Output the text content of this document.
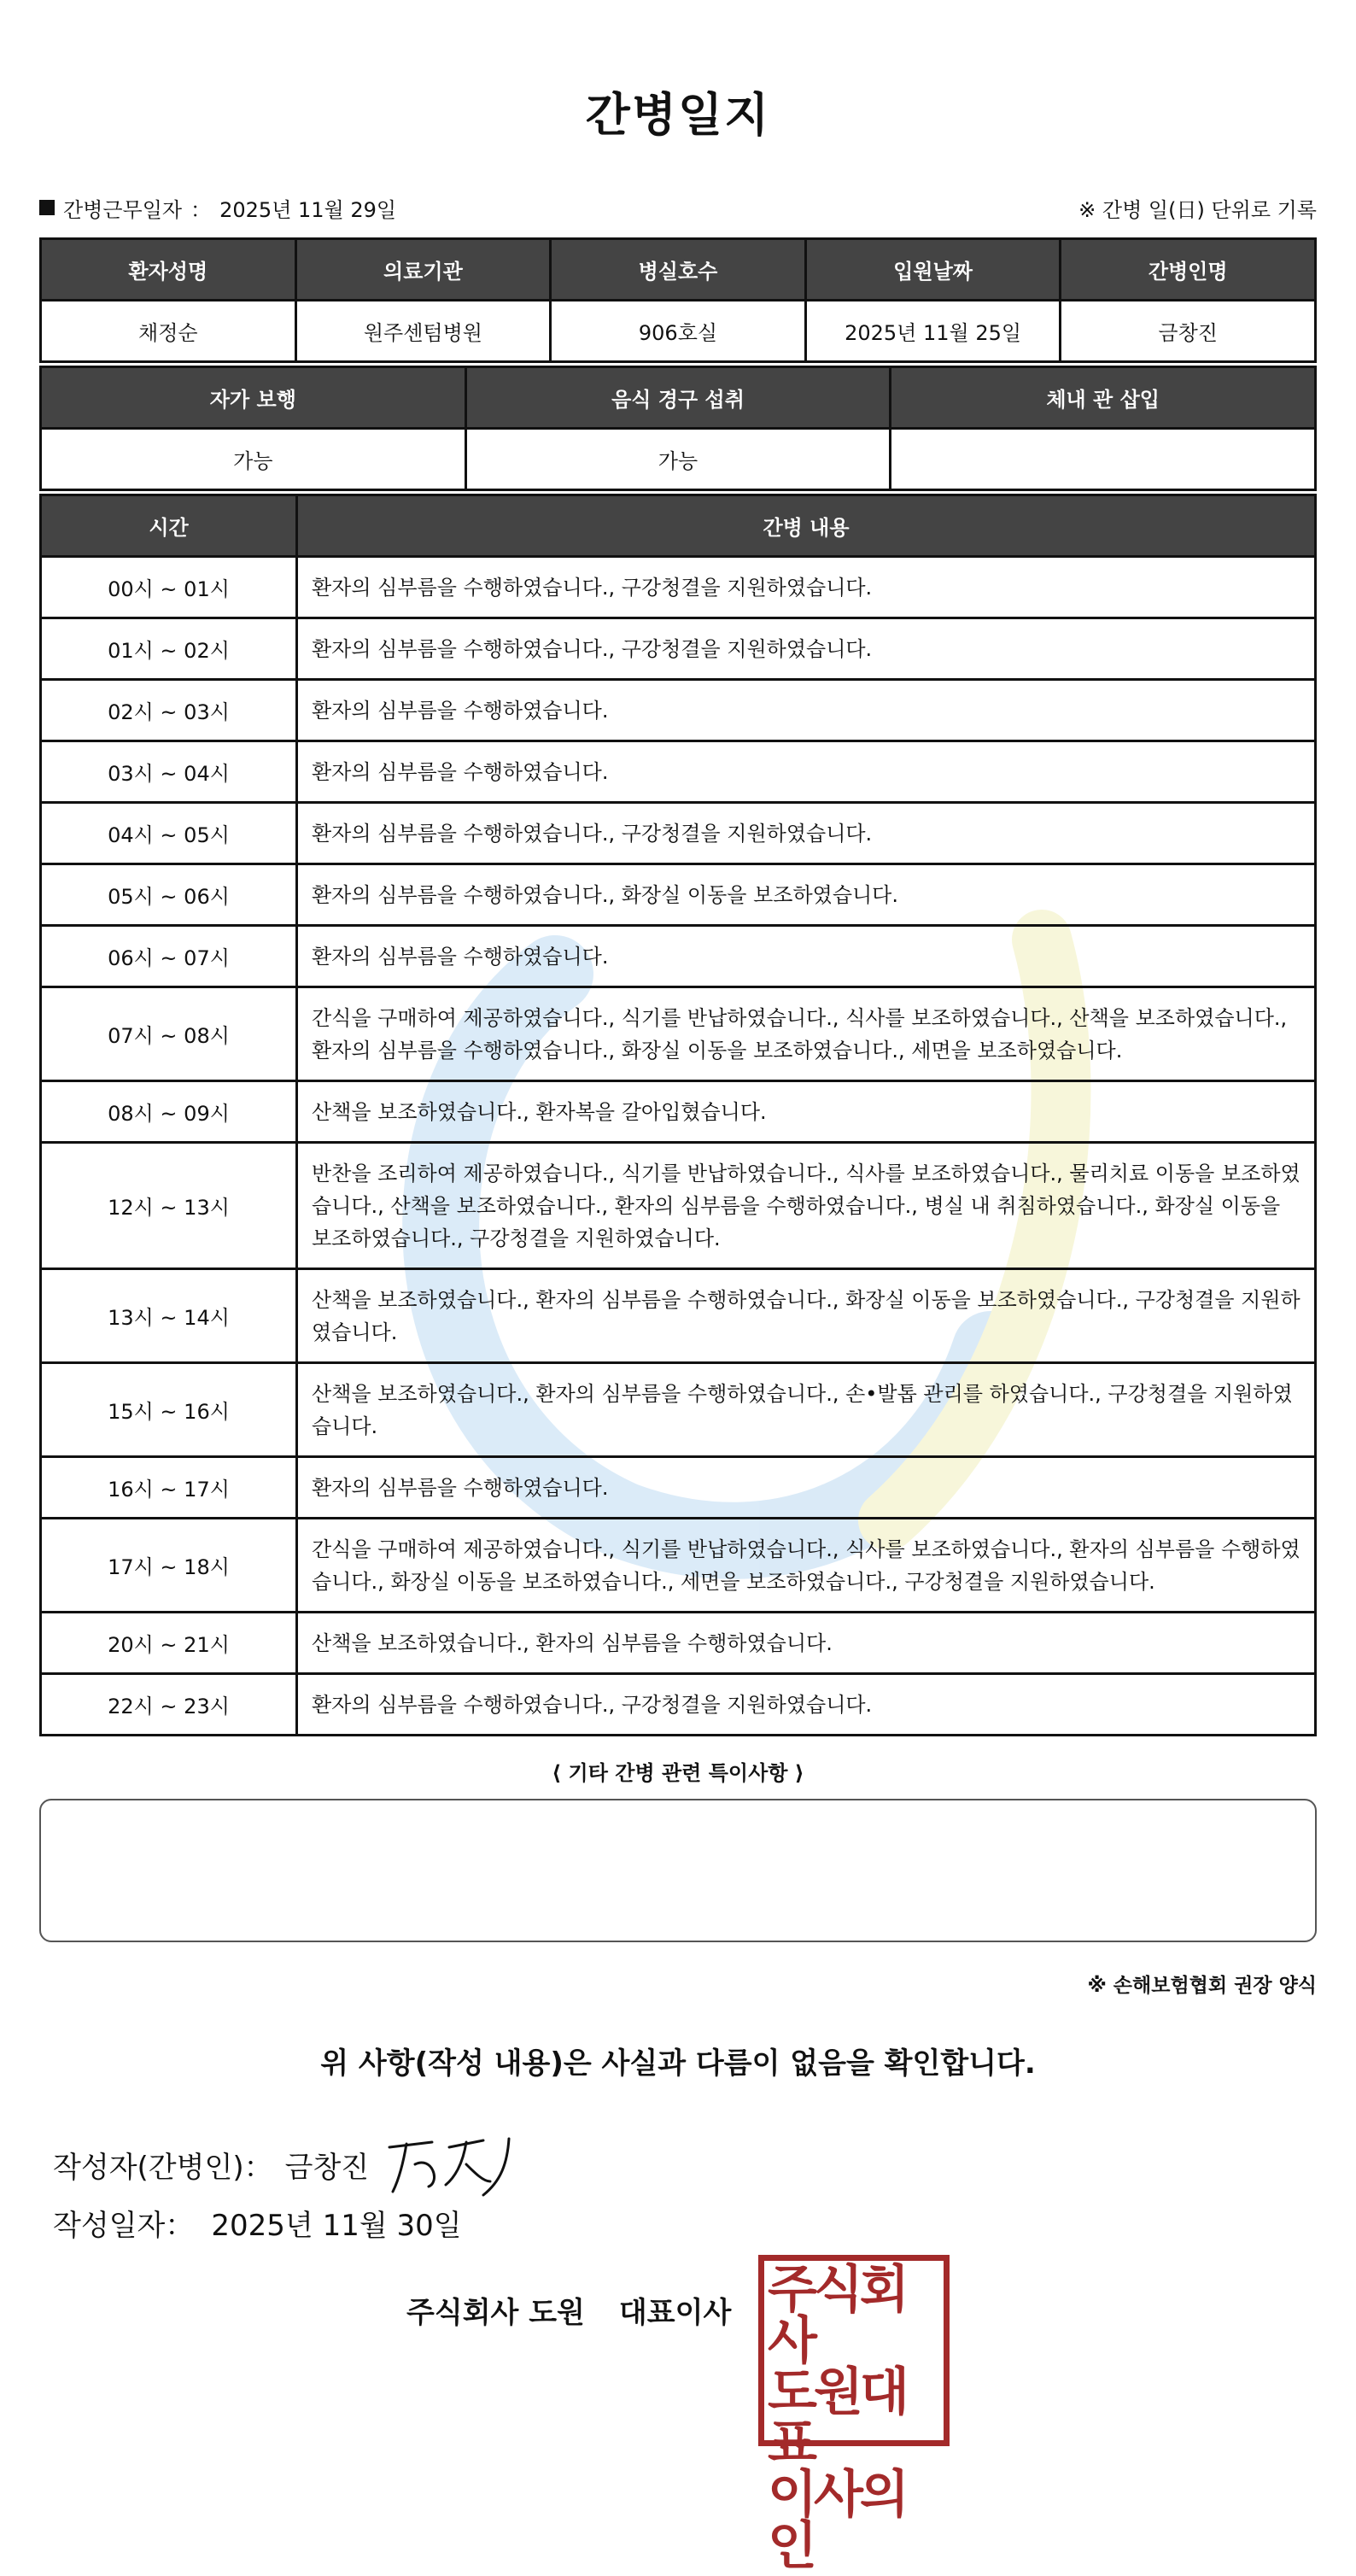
간병일지
간병근무일자 ： 2025년 11월 29일	※ 간병 일(日) 단위로 기록
환자성명	의료기관	병실호수	입원날짜	간병인명
채정순	원주센텀병원	906호실	2025년 11월 25일	금창진
자가 보행	음식 경구 섭취	체내 관 삽입
가능	가능	
시간	간병 내용
00시 ~ 01시	환자의 심부름을 수행하였습니다., 구강청결을 지원하였습니다.
01시 ~ 02시	환자의 심부름을 수행하였습니다., 구강청결을 지원하였습니다.
02시 ~ 03시	환자의 심부름을 수행하였습니다.
03시 ~ 04시	환자의 심부름을 수행하였습니다.
04시 ~ 05시	환자의 심부름을 수행하였습니다., 구강청결을 지원하였습니다.
05시 ~ 06시	환자의 심부름을 수행하였습니다., 화장실 이동을 보조하였습니다.
06시 ~ 07시	환자의 심부름을 수행하였습니다.
07시 ~ 08시	간식을 구매하여 제공하였습니다., 식기를 반납하였습니다., 식사를 보조하였습니다., 산책을 보조하였습니다., 환자의 심부름을 수행하였습니다., 화장실 이동을 보조하였습니다., 세면을 보조하였습니다.
08시 ~ 09시	산책을 보조하였습니다., 환자복을 갈아입혔습니다.
12시 ~ 13시	반찬을 조리하여 제공하였습니다., 식기를 반납하였습니다., 식사를 보조하였습니다., 물리치료 이동을 보조하였습니다., 산책을 보조하였습니다., 환자의 심부름을 수행하였습니다., 병실 내 취침하였습니다., 화장실 이동을 보조하였습니다., 구강청결을 지원하였습니다.
13시 ~ 14시	산책을 보조하였습니다., 환자의 심부름을 수행하였습니다., 화장실 이동을 보조하였습니다., 구강청결을 지원하였습니다.
15시 ~ 16시	산책을 보조하였습니다., 환자의 심부름을 수행하였습니다., 손•발톱 관리를 하였습니다., 구강청결을 지원하였습니다.
16시 ~ 17시	환자의 심부름을 수행하였습니다.
17시 ~ 18시	간식을 구매하여 제공하였습니다., 식기를 반납하였습니다., 식사를 보조하였습니다., 환자의 심부름을 수행하였습니다., 화장실 이동을 보조하였습니다., 세면을 보조하였습니다., 구강청결을 지원하였습니다.
20시 ~ 21시	산책을 보조하였습니다., 환자의 심부름을 수행하였습니다.
22시 ~ 23시	환자의 심부름을 수행하였습니다., 구강청결을 지원하였습니다.
⟨ 기타 간병 관련 특이사항 ⟩
※ 손해보험협회 권장 양식
위 사항(작성 내용)은 사실과 다름이 없음을 확인합니다.
작성자(간병인)： 금창진
작성일자： 2025년 11월 30일
주식회사 도원 대표이사 주식회사
도원대표
이사의인
